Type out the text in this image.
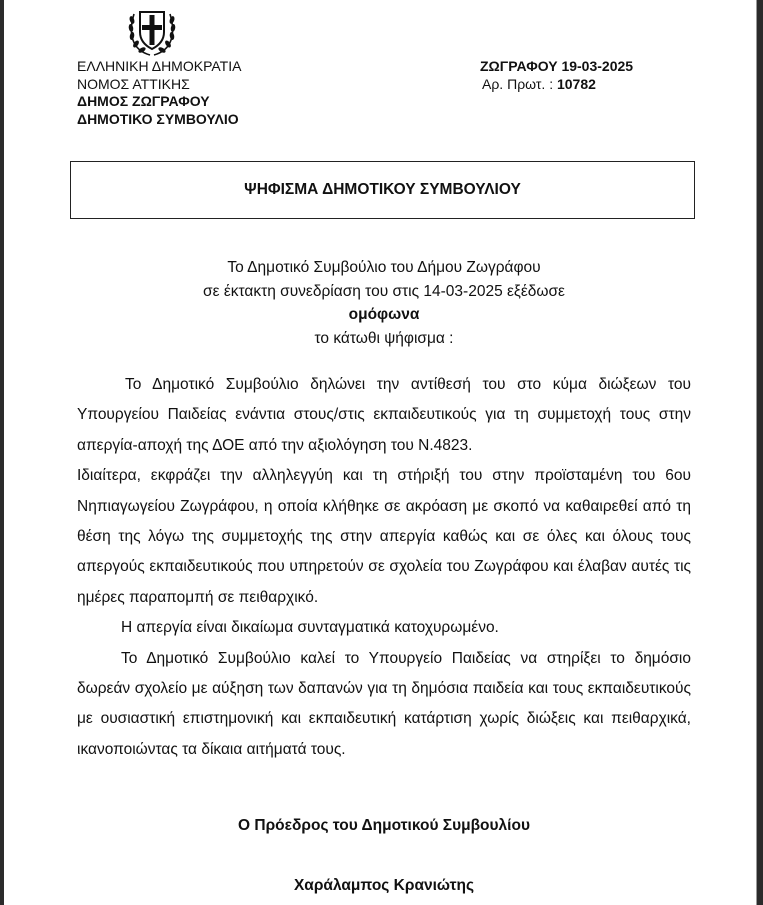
ΕΛΛΗΝΙΚΗ ΔΗΜΟΚΡΑΤΙΑ
ΝΟΜΟΣ ΑΤΤΙΚΗΣ
ΔΗΜΟΣ ΖΩΓΡΑΦΟΥ
ΔΗΜΟΤΙΚΟ ΣΥΜΒΟΥΛΙΟ
ΖΩΓΡΑΦΟΥ 19-03-2025
Αρ. Πρωτ. : 10782
ΨΗΦΙΣΜΑ ΔΗΜΟΤΙΚΟΥ ΣΥΜΒΟΥΛΙΟΥ
Το Δημοτικό Συμβούλιο του Δήμου Ζωγράφου
σε έκτακτη συνεδρίαση του στις 14-03-2025 εξέδωσε
ομόφωνα
το κάτωθι ψήφισμα :

Το Δημοτικό Συμβούλιο δηλώνει την αντίθεσή του στο κύμα διώξεων του Υπουργείου Παιδείας ενάντια στους/στις εκπαιδευτικούς για τη συμμετοχή τους στην απεργία-αποχή της ΔΟΕ από την αξιολόγηση του Ν.4823.

Ιδιαίτερα, εκφράζει την αλληλεγγύη και τη στήριξή του στην προϊσταμένη του 6ου Νηπιαγωγείου Ζωγράφου, η οποία κλήθηκε σε ακρόαση με σκοπό να καθαιρεθεί από τη θέση της λόγω της συμμετοχής της στην απεργία καθώς και σε όλες και όλους τους απεργούς εκπαιδευτικούς που υπηρετούν σε σχολεία του Ζωγράφου και έλαβαν αυτές τις ημέρες παραπομπή σε πειθαρχικό.

Η απεργία είναι δικαίωμα συνταγματικά κατοχυρωμένο.

Το Δημοτικό Συμβούλιο καλεί το Υπουργείο Παιδείας να στηρίξει το δημόσιο δωρεάν σχολείο με αύξηση των δαπανών για τη δημόσια παιδεία και τους εκπαιδευτικούς με ουσιαστική επιστημονική και εκπαιδευτική κατάρτιση χωρίς διώξεις και πειθαρχικά, ικανοποιώντας τα δίκαια αιτήματά τους.

Ο Πρόεδρος του Δημοτικού Συμβουλίου
Χαράλαμπος Κρανιώτης
